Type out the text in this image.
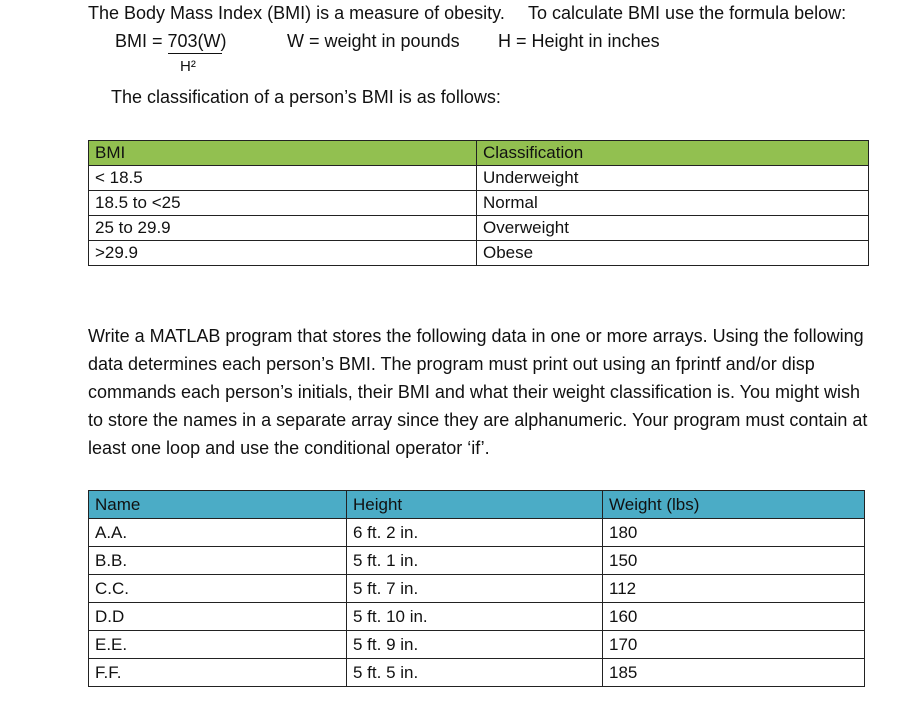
The Body Mass Index (BMI) is a measure of obesity. To calculate BMI use the formula below:
BMI = 703(W)
H²
W = weight in pounds H = Height in inches
The classification of a person’s BMI is as follows:
BMI	Classification
< 18.5	Underweight
18.5 to <25	Normal
25 to 29.9	Overweight
>29.9	Obese
Write a MATLAB program that stores the following data in one or more arrays. Using the following data determines each person’s BMI. The program must print out using an fprintf and/or disp commands each person’s initials, their BMI and what their weight classification is. You might wish to store the names in a separate array since they are alphanumeric. Your program must contain at least one loop and use the conditional operator ‘if’.
Name	Height	Weight (lbs)
A.A.	6 ft. 2 in.	180
B.B.	5 ft. 1 in.	150
C.C.	5 ft. 7 in.	112
D.D	5 ft. 10 in.	160
E.E.	5 ft. 9 in.	170
F.F.	5 ft. 5 in.	185
